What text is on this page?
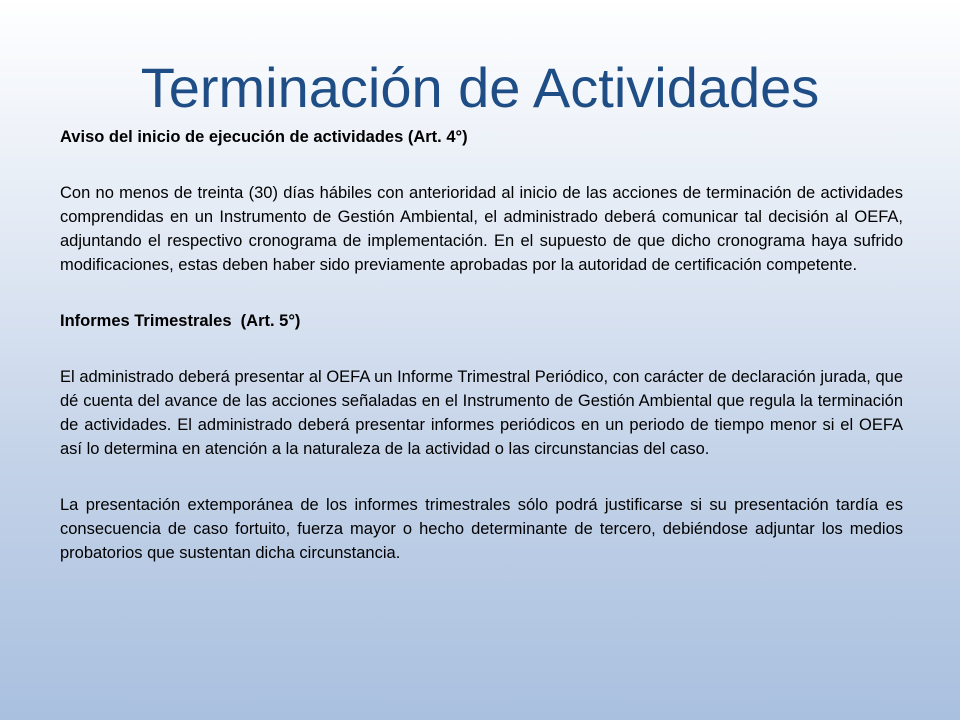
Terminación de Actividades

Aviso del inicio de ejecución de actividades (Art. 4°)

Con no menos de treinta (30) días hábiles con anterioridad al inicio de las acciones de terminación de actividades comprendidas en un Instrumento de Gestión Ambiental, el administrado deberá comunicar tal decisión al OEFA, adjuntando el respectivo cronograma de implementación. En el supuesto de que dicho cronograma haya sufrido modificaciones, estas deben haber sido previamente aprobadas por la autoridad de certificación competente.

Informes Trimestrales  (Art. 5°)

El administrado deberá presentar al OEFA un Informe Trimestral Periódico, con carácter de declaración jurada, que dé cuenta del avance de las acciones señaladas en el Instrumento de Gestión Ambiental que regula la terminación de actividades. El administrado deberá presentar informes periódicos en un periodo de tiempo menor si el OEFA así lo determina en atención a la naturaleza de la actividad o las circunstancias del caso.

La presentación extemporánea de los informes trimestrales sólo podrá justificarse si su presentación tardía es consecuencia de caso fortuito, fuerza mayor o hecho determinante de tercero, debiéndose adjuntar los medios probatorios que sustentan dicha circunstancia.
